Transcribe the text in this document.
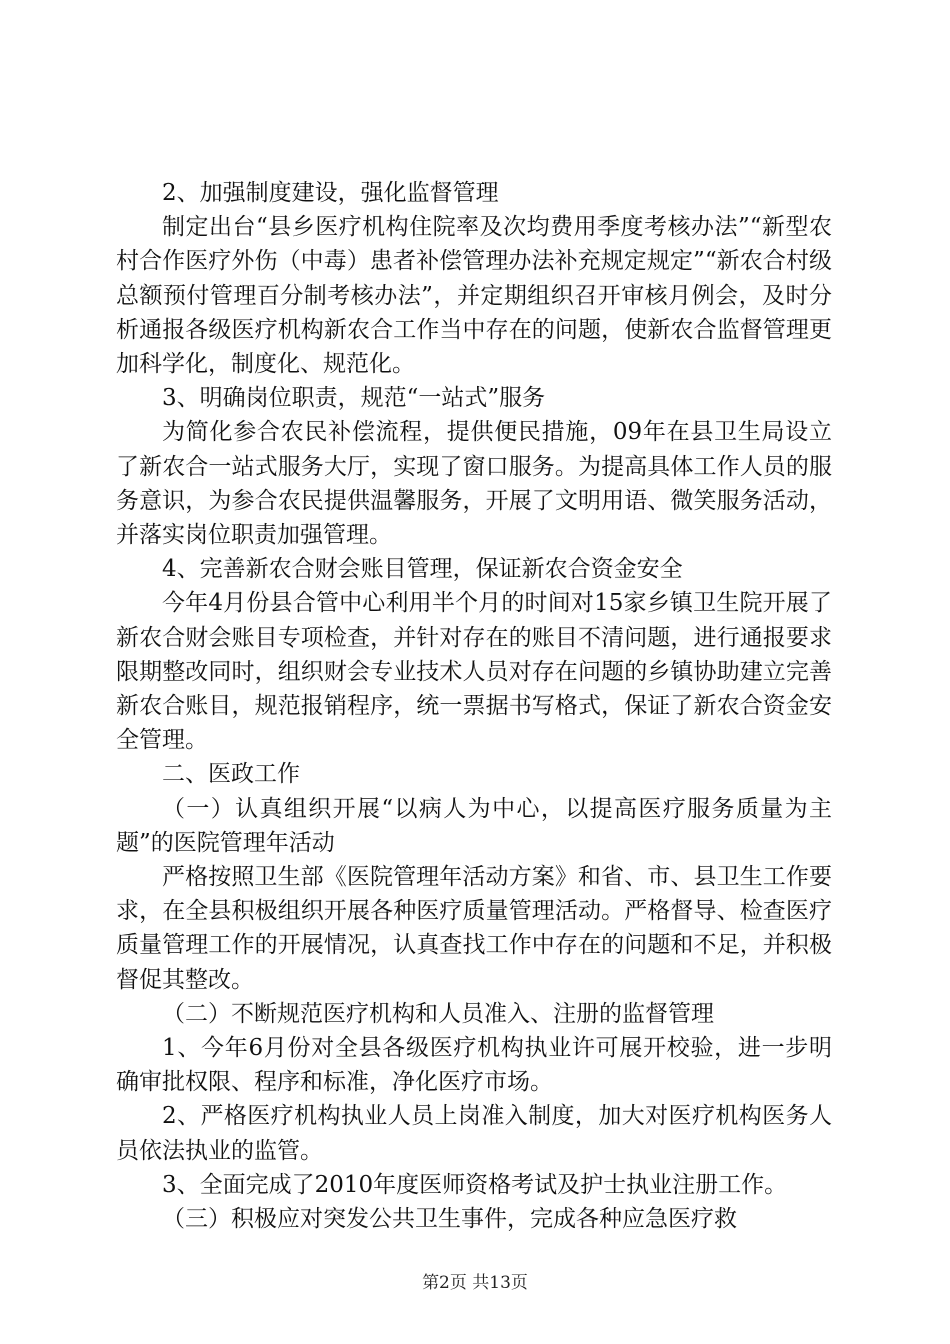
2、加强制度建设，强化监督管理

制定出台“县乡医疗机构住院率及次均费用季度考核办法”“新型农村合作医疗外伤（中毒）患者补偿管理办法补充规定规定”“新农合村级总额预付管理百分制考核办法”，并定期组织召开审核月例会，及时分析通报各级医疗机构新农合工作当中存在的问题，使新农合监督管理更加科学化，制度化、规范化。

3、明确岗位职责，规范“一站式”服务

为简化参合农民补偿流程，提供便民措施，09年在县卫生局设立了新农合一站式服务大厅，实现了窗口服务。为提高具体工作人员的服务意识，为参合农民提供温馨服务，开展了文明用语、微笑服务活动，并落实岗位职责加强管理。

4、完善新农合财会账目管理，保证新农合资金安全

今年4月份县合管中心利用半个月的时间对15家乡镇卫生院开展了新农合财会账目专项检查，并针对存在的账目不清问题，进行通报要求限期整改同时，组织财会专业技术人员对存在问题的乡镇协助建立完善新农合账目，规范报销程序，统一票据书写格式，保证了新农合资金安全管理。

二、医政工作

（一）认真组织开展“以病人为中心，以提高医疗服务质量为主题”的医院管理年活动

严格按照卫生部《医院管理年活动方案》和省、市、县卫生工作要求，在全县积极组织开展各种医疗质量管理活动。严格督导、检查医疗质量管理工作的开展情况，认真查找工作中存在的问题和不足，并积极督促其整改。

（二）不断规范医疗机构和人员准入、注册的监督管理

1、今年6月份对全县各级医疗机构执业许可展开校验，进一步明确审批权限、程序和标准，净化医疗市场。

2、严格医疗机构执业人员上岗准入制度，加大对医疗机构医务人员依法执业的监管。

3、全面完成了2010年度医师资格考试及护士执业注册工作。

（三）积极应对突发公共卫生事件，完成各种应急医疗救

第2页 共13页
